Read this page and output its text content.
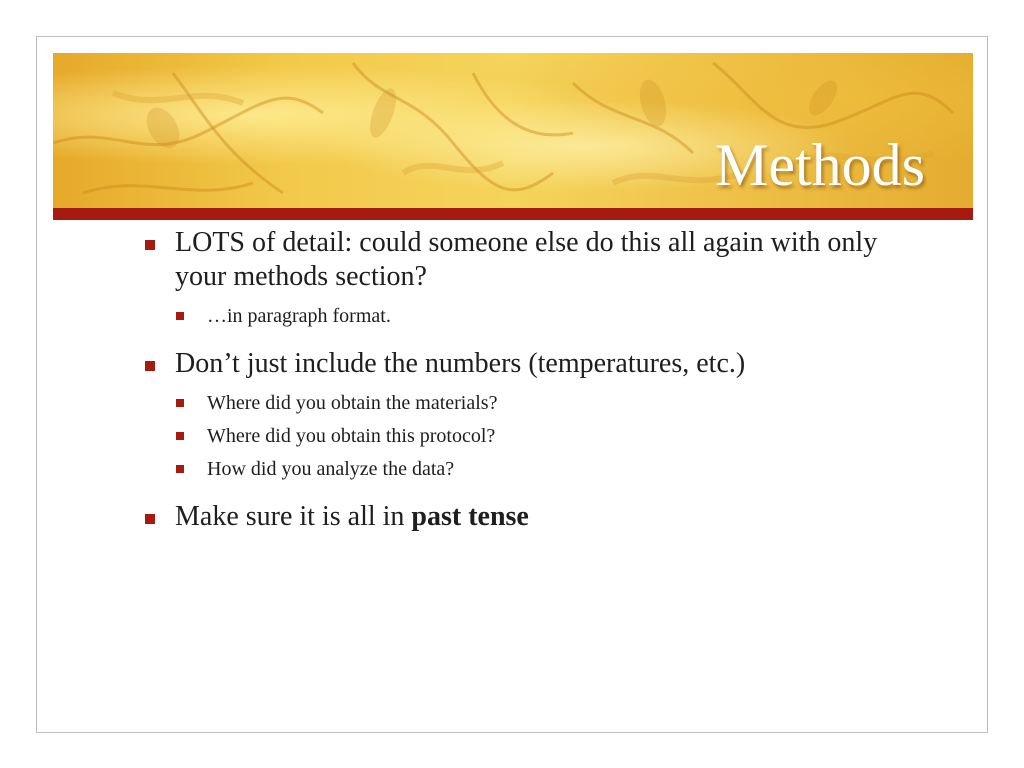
Methods
LOTS of detail: could someone else do this all again with only your methods section?
…in paragraph format.
Don’t just include the numbers (temperatures, etc.)
Where did you obtain the materials?
Where did you obtain this protocol?
How did you analyze the data?
Make sure it is all in past tense
